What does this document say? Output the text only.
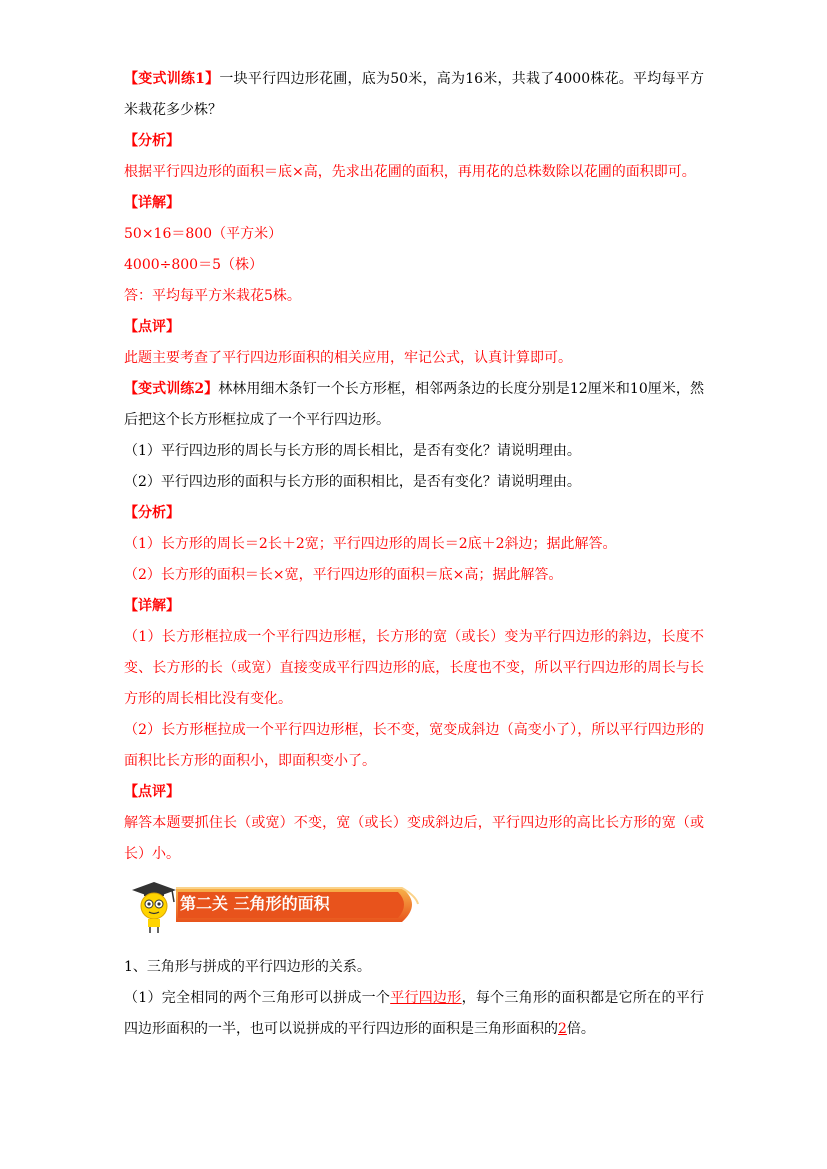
【变式训练1】一块平行四边形花圃，底为50米，高为16米，共栽了4000株花。平均每平方米栽花多少株？

【分析】

根据平行四边形的面积＝底×高，先求出花圃的面积，再用花的总株数除以花圃的面积即可。

【详解】

50×16＝800（平方米）

4000÷800＝5（株）

答：平均每平方米栽花5株。

【点评】

此题主要考查了平行四边形面积的相关应用，牢记公式，认真计算即可。

【变式训练2】林林用细木条钉一个长方形框，相邻两条边的长度分别是12厘米和10厘米，然后把这个长方形框拉成了一个平行四边形。

（1）平行四边形的周长与长方形的周长相比，是否有变化？请说明理由。

（2）平行四边形的面积与长方形的面积相比，是否有变化？请说明理由。

【分析】

（1）长方形的周长＝2长＋2宽；平行四边形的周长＝2底＋2斜边；据此解答。

（2）长方形的面积＝长×宽，平行四边形的面积＝底×高；据此解答。

【详解】

（1）长方形框拉成一个平行四边形框，长方形的宽（或长）变为平行四边形的斜边，长度不变、长方形的长（或宽）直接变成平行四边形的底，长度也不变，所以平行四边形的周长与长方形的周长相比没有变化。

（2）长方形框拉成一个平行四边形框，长不变，宽变成斜边（高变小了），所以平行四边形的面积比长方形的面积小，即面积变小了。

【点评】

解答本题要抓住长（或宽）不变，宽（或长）变成斜边后，平行四边形的高比长方形的宽（或长）小。

第二关 三角形的面积

1、三角形与拼成的平行四边形的关系。

（1）完全相同的两个三角形可以拼成一个平行四边形，每个三角形的面积都是它所在的平行四边形面积的一半，也可以说拼成的平行四边形的面积是三角形面积的2倍。
